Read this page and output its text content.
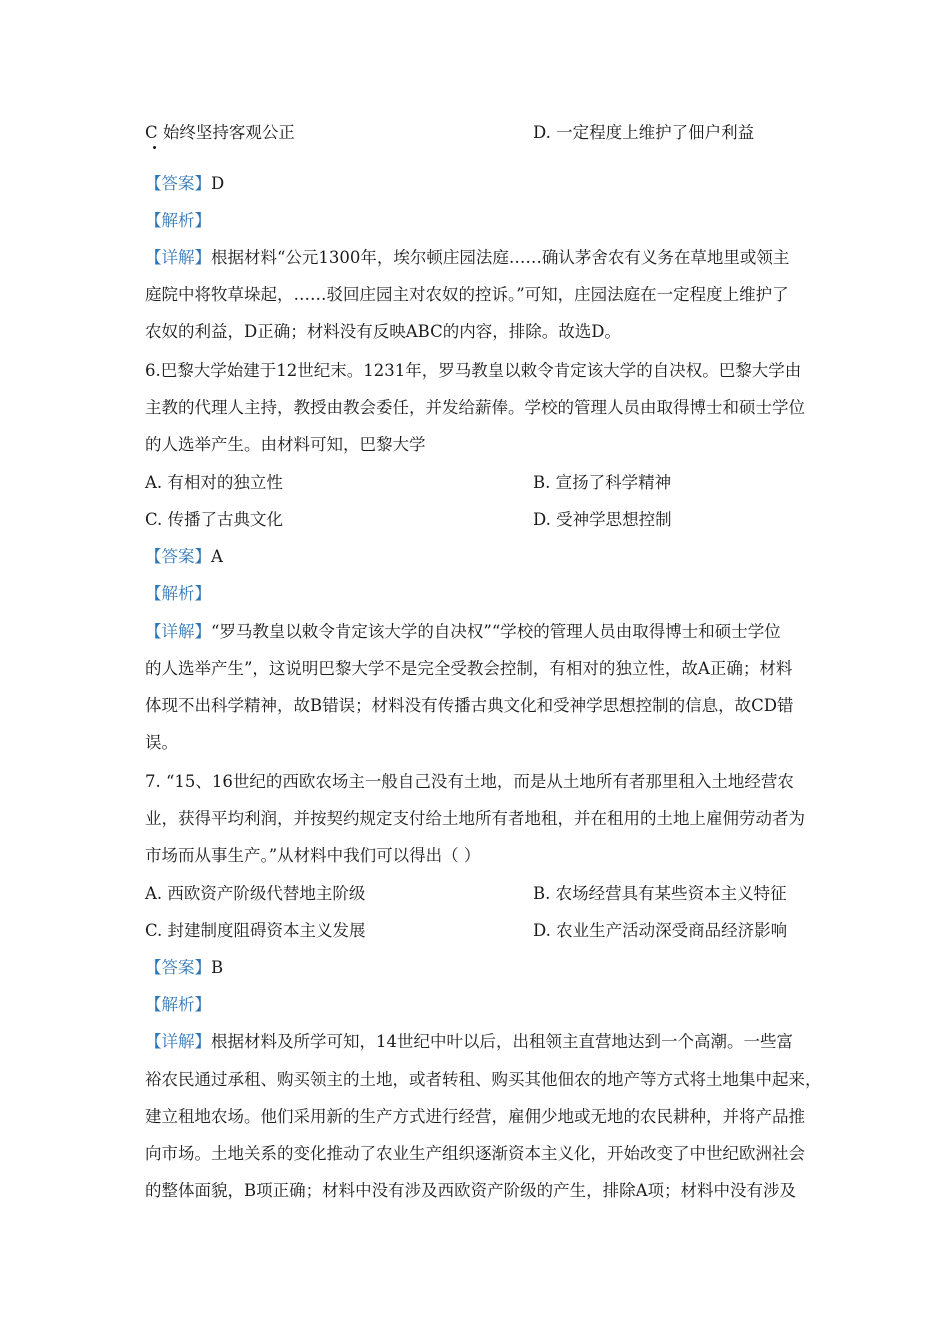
C 始终坚持客观公正	D. 一定程度上维护了佃户利益
【答案】D
【解析】
【详解】根据材料“公元1300年，埃尔顿庄园法庭……确认茅舍农有义务在草地里或领主
庭院中将牧草垛起，……驳回庄园主对农奴的控诉。”可知，庄园法庭在一定程度上维护了
农奴的利益，D正确；材料没有反映ABC的内容，排除。故选D。
6.巴黎大学始建于12世纪末。1231年，罗马教皇以敕令肯定该大学的自决权。巴黎大学由
主教的代理人主持，教授由教会委任，并发给薪俸。学校的管理人员由取得博士和硕士学位
的人选举产生。由材料可知，巴黎大学
A. 有相对的独立性	B. 宣扬了科学精神
C. 传播了古典文化	D. 受神学思想控制
【答案】A
【解析】
【详解】“罗马教皇以敕令肯定该大学的自决权”“学校的管理人员由取得博士和硕士学位
的人选举产生”，这说明巴黎大学不是完全受教会控制，有相对的独立性，故A正确；材料
体现不出科学精神，故B错误；材料没有传播古典文化和受神学思想控制的信息，故CD错
误。
7. “15、16世纪的西欧农场主一般自己没有土地，而是从土地所有者那里租入土地经营农
业，获得平均利润，并按契约规定支付给土地所有者地租，并在租用的土地上雇佣劳动者为
市场而从事生产。”从材料中我们可以得出（ ）
A. 西欧资产阶级代替地主阶级	B. 农场经营具有某些资本主义特征
C. 封建制度阻碍资本主义发展	D. 农业生产活动深受商品经济影响
【答案】B
【解析】
【详解】根据材料及所学可知，14世纪中叶以后，出租领主直营地达到一个高潮。一些富
裕农民通过承租、购买领主的土地，或者转租、购买其他佃农的地产等方式将土地集中起来，
建立租地农场。他们采用新的生产方式进行经营，雇佣少地或无地的农民耕种，并将产品推
向市场。土地关系的变化推动了农业生产组织逐渐资本主义化，开始改变了中世纪欧洲社会
的整体面貌，B项正确；材料中没有涉及西欧资产阶级的产生，排除A项；材料中没有涉及
